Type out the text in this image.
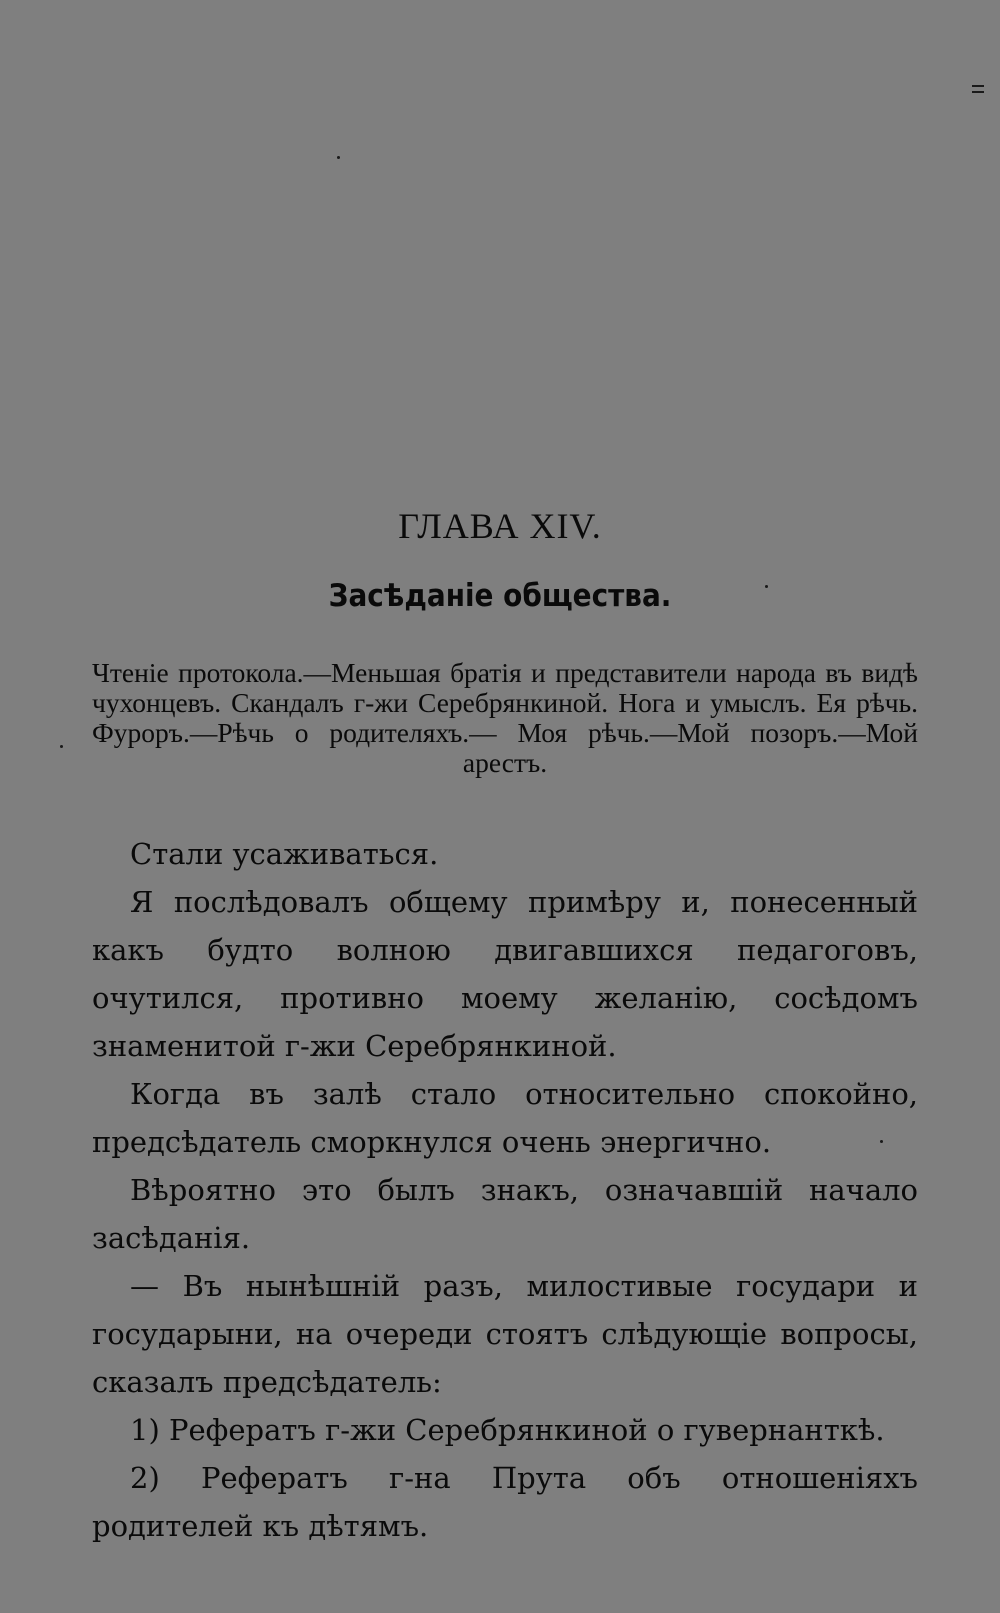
ГЛАВА XIV.
Засѣданіе общества.

Чтеніе протокола.—Меньшая братія и представители народа въ видѣ чухонцевъ. Скандалъ г-жи Серебрянкиной. Нога и умыслъ. Ея рѣчь. Фуроръ.—Рѣчь о родителяхъ.— Моя рѣчь.—Мой позоръ.—Мой арестъ.

Стали усаживаться.

Я послѣдовалъ общему примѣру и, понесенный какъ будто волною двигавшихся педагоговъ, очутился, противно моему желанію, сосѣдомъ знаменитой г-жи Серебрянкиной.

Когда въ залѣ стало относительно спокойно, предсѣдатель сморкнулся очень энергично.

Вѣроятно это былъ знакъ, означавшій начало засѣданія.

— Въ нынѣшній разъ, милостивые государи и государыни, на очереди стоятъ слѣдующіе вопросы, сказалъ предсѣдатель:

1) Рефератъ г-жи Серебрянкиной о гувернанткѣ.

2) Рефератъ г-на Прута объ отношеніяхъ родителей къ дѣтямъ.
